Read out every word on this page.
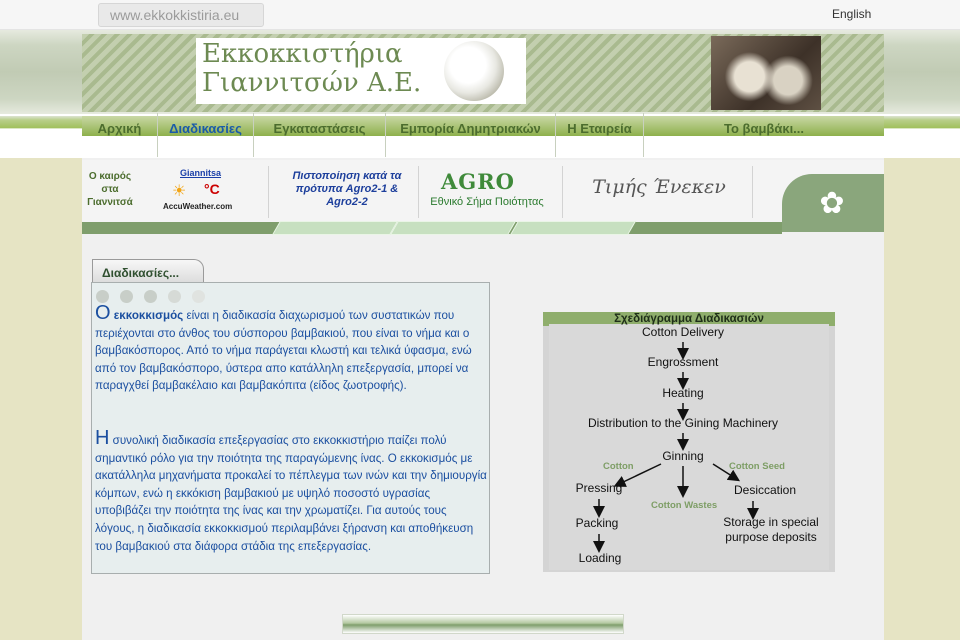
www.ekkokkistiria.eu	English
Εκκοκκιστήρια
Γιαννιτσών Α.Ε.
Αρχική	Διαδικασίες	Εγκαταστάσεις	Εμπορία Δημητριακών	Η Εταιρεία	Το βαμβάκι...
Ο καιρός στα Γιαννιτσά
Giannitsa
☀ °C
AccuWeather.com
Πιστοποίηση κατά τα πρότυπα Agro2-1 & Agro2-2
AGRO
Εθνικό Σήμα Ποιότητας
Τιμής Ένεκεν	✿
Διαδικασίες...

Ο εκκοκκισμός είναι η διαδικασία διαχωρισμού των συστατικών που περιέχονται στο άνθος του σύσπορου βαμβακιού, που είναι το νήμα και ο βαμβακόσπορος. Από το νήμα παράγεται κλωστή και τελικά ύφασμα, ενώ από τον βαμβακόσπορο, ύστερα απο κατάλληλη επεξεργασία, μπορεί να παραγχθεί βαμβακέλαιο και βαμβακόπιτα (είδος ζωοτροφής).
Η συνολική διαδικασία επεξεργασίας στο εκκοκκιστήριο παίζει πολύ σημαντικό ρόλο για την ποιότητα της παραγώμενης ίνας. Ο εκκοκισμός με ακατάλληλα μηχανήματα προκαλεί το πέπλεγμα των ινών και την δημιουργία κόμπων, ενώ η εκκόκιση βαμβακιού με υψηλό ποσοστό υγρασίας υποβιβάζει την ποιότητα της ίνας και την χρωματίζει. Για αυτούς τους λόγους, η διαδικασία εκκοκκισμού περιλαμβάνει ξήρανση και αποθήκευση του βαμβακιού στα διάφορα στάδια της επεξεργασίας.
Σχεδιάγραμμα Διαδικασιών
Cotton Delivery
Engrossment
Heating
Distribution to the Gining Machinery
Ginning
Cotton
Cotton Wastes
Cotton Seed
Pressing
Packing
Loading
Desiccation
Storage in special
purpose deposits
